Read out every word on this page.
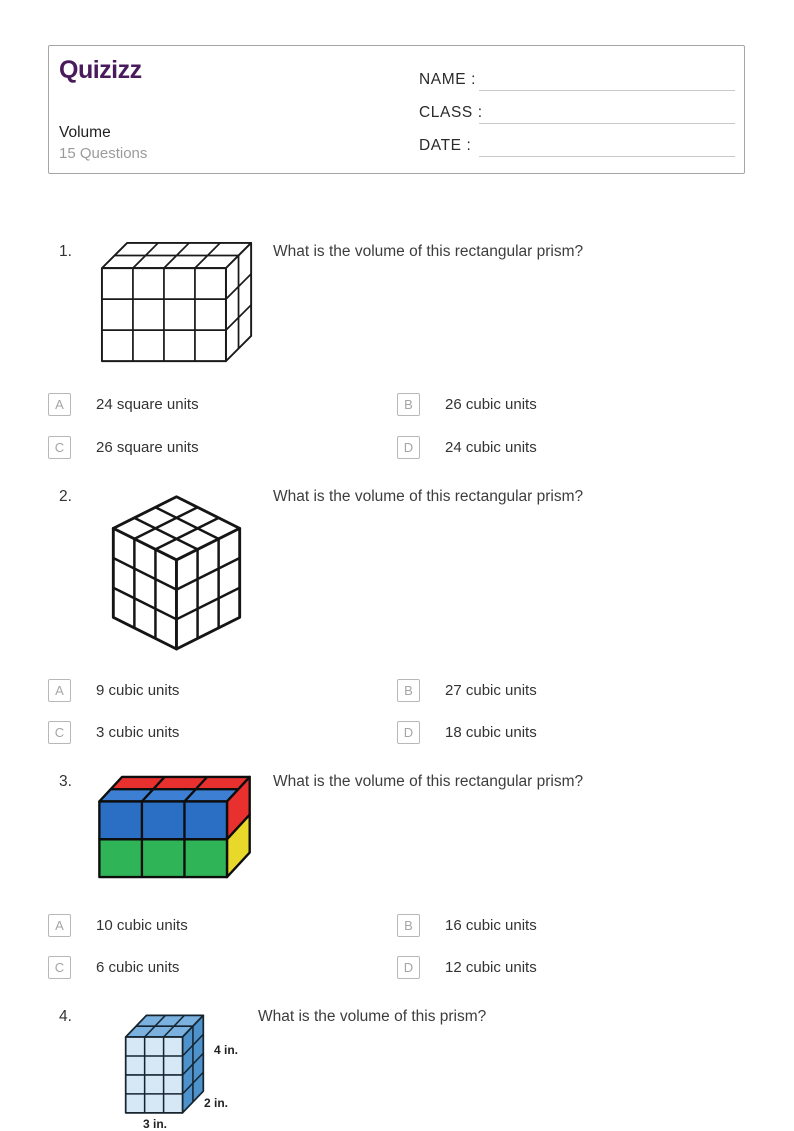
Quizizz
Volume
15 Questions
NAME :
CLASS :
DATE :
1.	What is the volume of this rectangular prism?
A	24 square units	B	26 cubic units
C	26 square units	D	24 cubic units
2.	What is the volume of this rectangular prism?
A	9 cubic units	B	27 cubic units
C	3 cubic units	D	18 cubic units
3.	What is the volume of this rectangular prism?
A	10 cubic units	B	16 cubic units
C	6 cubic units	D	12 cubic units
4.	What is the volume of this prism?
4 in.
2 in.
3 in.
